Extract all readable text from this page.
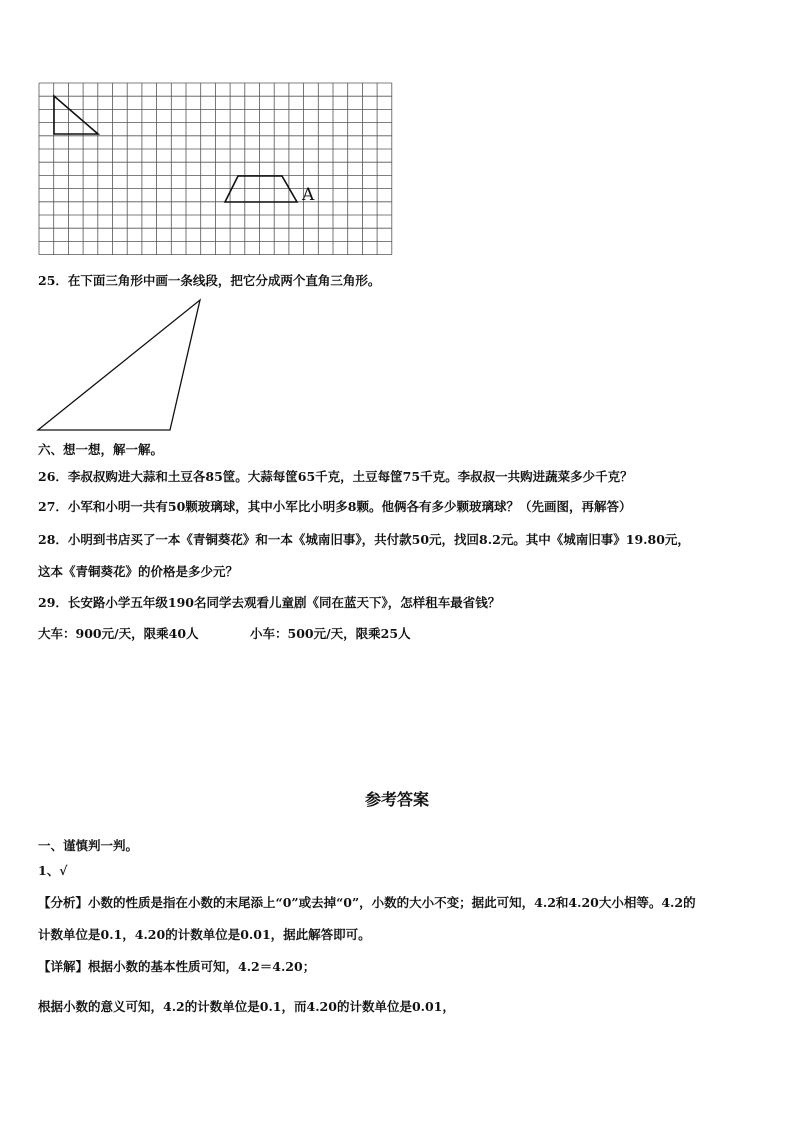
A
25．在下面三角形中画一条线段，把它分成两个直角三角形。
六、想一想，解一解。
26．李叔叔购进大蒜和土豆各85筐。大蒜每筐65千克，土豆每筐75千克。李叔叔一共购进蔬菜多少千克？
27．小军和小明一共有50颗玻璃球，其中小军比小明多8颗。他俩各有多少颗玻璃球？（先画图，再解答）
28．小明到书店买了一本《青铜葵花》和一本《城南旧事》，共付款50元，找回8.2元。其中《城南旧事》19.80元，
这本《青铜葵花》的价格是多少元？
29．长安路小学五年级190名同学去观看儿童剧《同在蓝天下》，怎样租车最省钱？
大车：900元/天，限乘40人	小车：500元/天，限乘25人
参考答案
一、谨慎判一判。
1、√
【分析】小数的性质是指在小数的末尾添上“0”或去掉“0”，小数的大小不变；据此可知，4.2和4.20大小相等。4.2的
计数单位是0.1，4.20的计数单位是0.01，据此解答即可。
【详解】根据小数的基本性质可知，4.2＝4.20；
根据小数的意义可知，4.2的计数单位是0.1，而4.20的计数单位是0.01，
